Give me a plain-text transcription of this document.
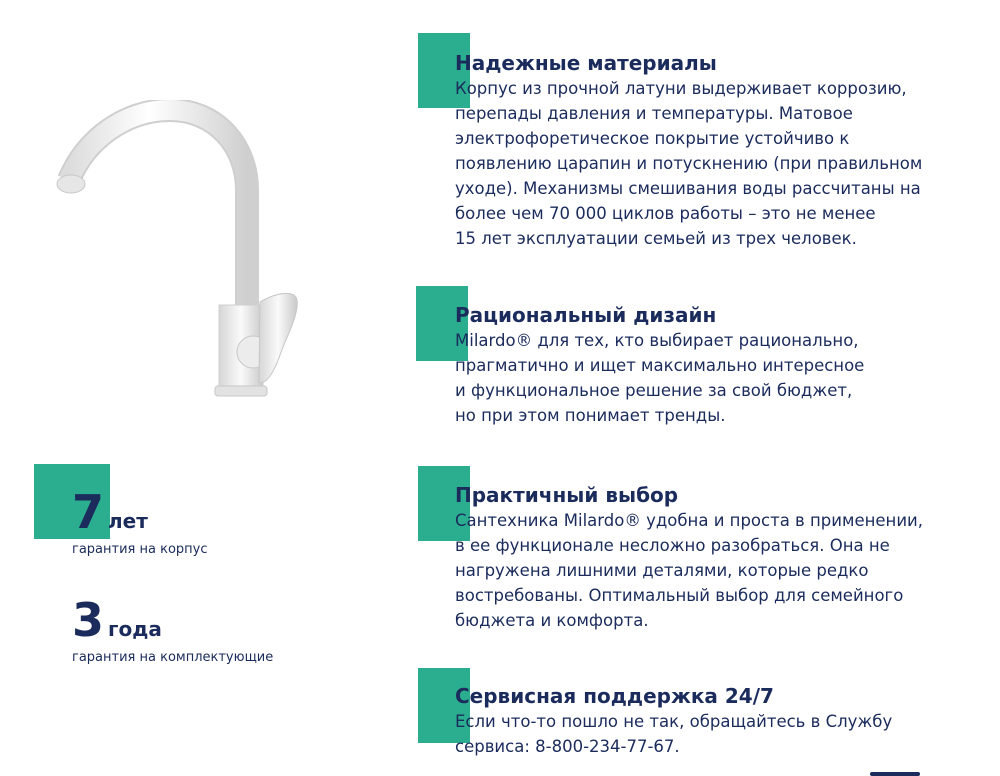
Надежные материалы

Корпус из прочной латуни выдерживает коррозию,
перепады давления и температуры. Матовое
электрофоретическое покрытие устойчиво к
появлению царапин и потускнению (при правильном
уходе). Механизмы смешивания воды рассчитаны на
более чем 70 000 циклов работы – это не менее
15 лет эксплуатации семьей из трех человек.

Рациональный дизайн

Milardo® для тех, кто выбирает рационально,
прагматично и ищет максимально интересное
и функциональное решение за свой бюджет,
но при этом понимает тренды.

Практичный выбор

Сантехника Milardo® удобна и проста в применении,
в ее функционале несложно разобраться. Она не
нагружена лишними деталями, которые редко
востребованы. Оптимальный выбор для семейного
бюджета и комфорта.

Сервисная поддержка 24/7

Если что-то пошло не так, обращайтесь в Службу
сервиса: 8-800-234-77-67.

7 лет
гарантия на корпус
3 года
гарантия на комплектующие
